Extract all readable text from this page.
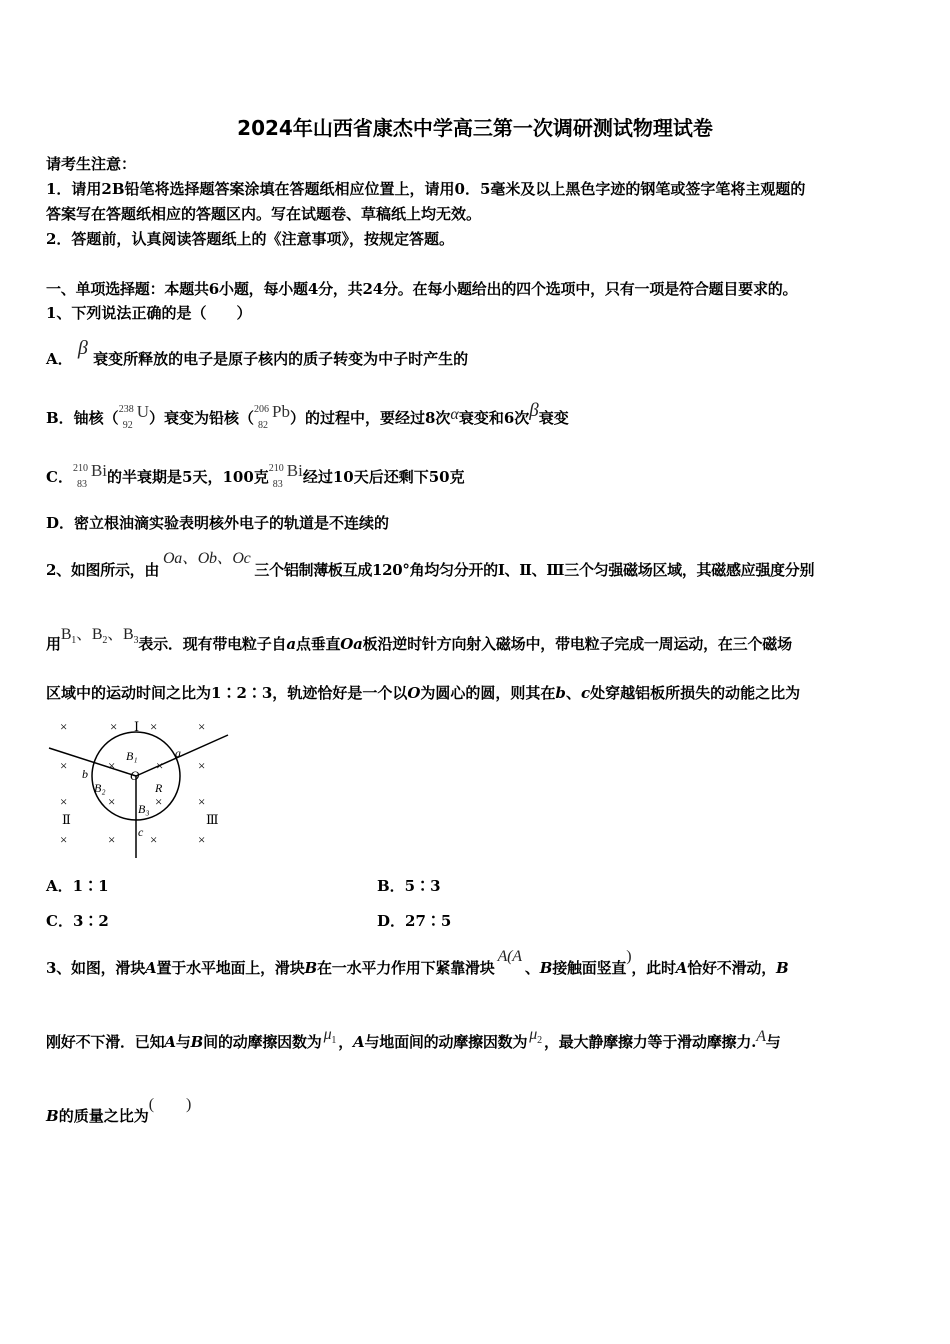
2024年山西省康杰中学高三第一次调研测试物理试卷
请考生注意：
1．请用2B铅笔将选择题答案涂填在答题纸相应位置上，请用0．5毫米及以上黑色字迹的钢笔或签字笔将主观题的
答案写在答题纸相应的答题区内。写在试题卷、草稿纸上均无效。
2．答题前，认真阅读答题纸上的《注意事项》，按规定答题。
一、单项选择题：本题共6小题，每小题4分，共24分。在每小题给出的四个选项中，只有一项是符合题目要求的。
1、下列说法正确的是（　　）
A． β 衰变所释放的电子是原子核内的质子转变为中子时产生的
B．铀核（ 238
92
U）衰变为铅核（ 206
82
Pb）的过程中，要经过8次α衰变和6次β衰变
C． 210
83
Bi的半衰期是5天，100克 210
83
Bi经过10天后还剩下50克
D．密立根油滴实验表明核外电子的轨道是不连续的
2、如图所示，由Oa、Ob、Oc三个铝制薄板互成120°角均匀分开的Ⅰ、Ⅱ、Ⅲ三个匀强磁场区域，其磁感应强度分别
用$B_1$、$B_2$、$B_3$表示．现有带电粒子自a点垂直Oa板沿逆时针方向射入磁场中，带电粒子完成一周运动，在三个磁场
区域中的运动时间之比为1∶2∶3，轨迹恰好是一个以O为圆心的圆，则其在b、c处穿越铝板所损失的动能之比为
×	×	×	×
Ⅰ
×	×	×	×
B₁	a
b	O
B₂	R
×	×	×	×
B₃
Ⅱ	Ⅲ
c
×	×	×	×
A．1∶1	B．5∶3
C．3∶2	D．27∶5
3、如图，滑块A置于水平地面上，滑块B在一水平力作用下紧靠滑块A(A、B接触面竖直)，此时A恰好不滑动，B
刚好不下滑．已知A与B间的动摩擦因数为 $\mu_1$ ，A与地面间的动摩擦因数为 $\mu_2$ ，最大静摩擦力等于滑动摩擦力.A与
B的质量之比为(　　)
